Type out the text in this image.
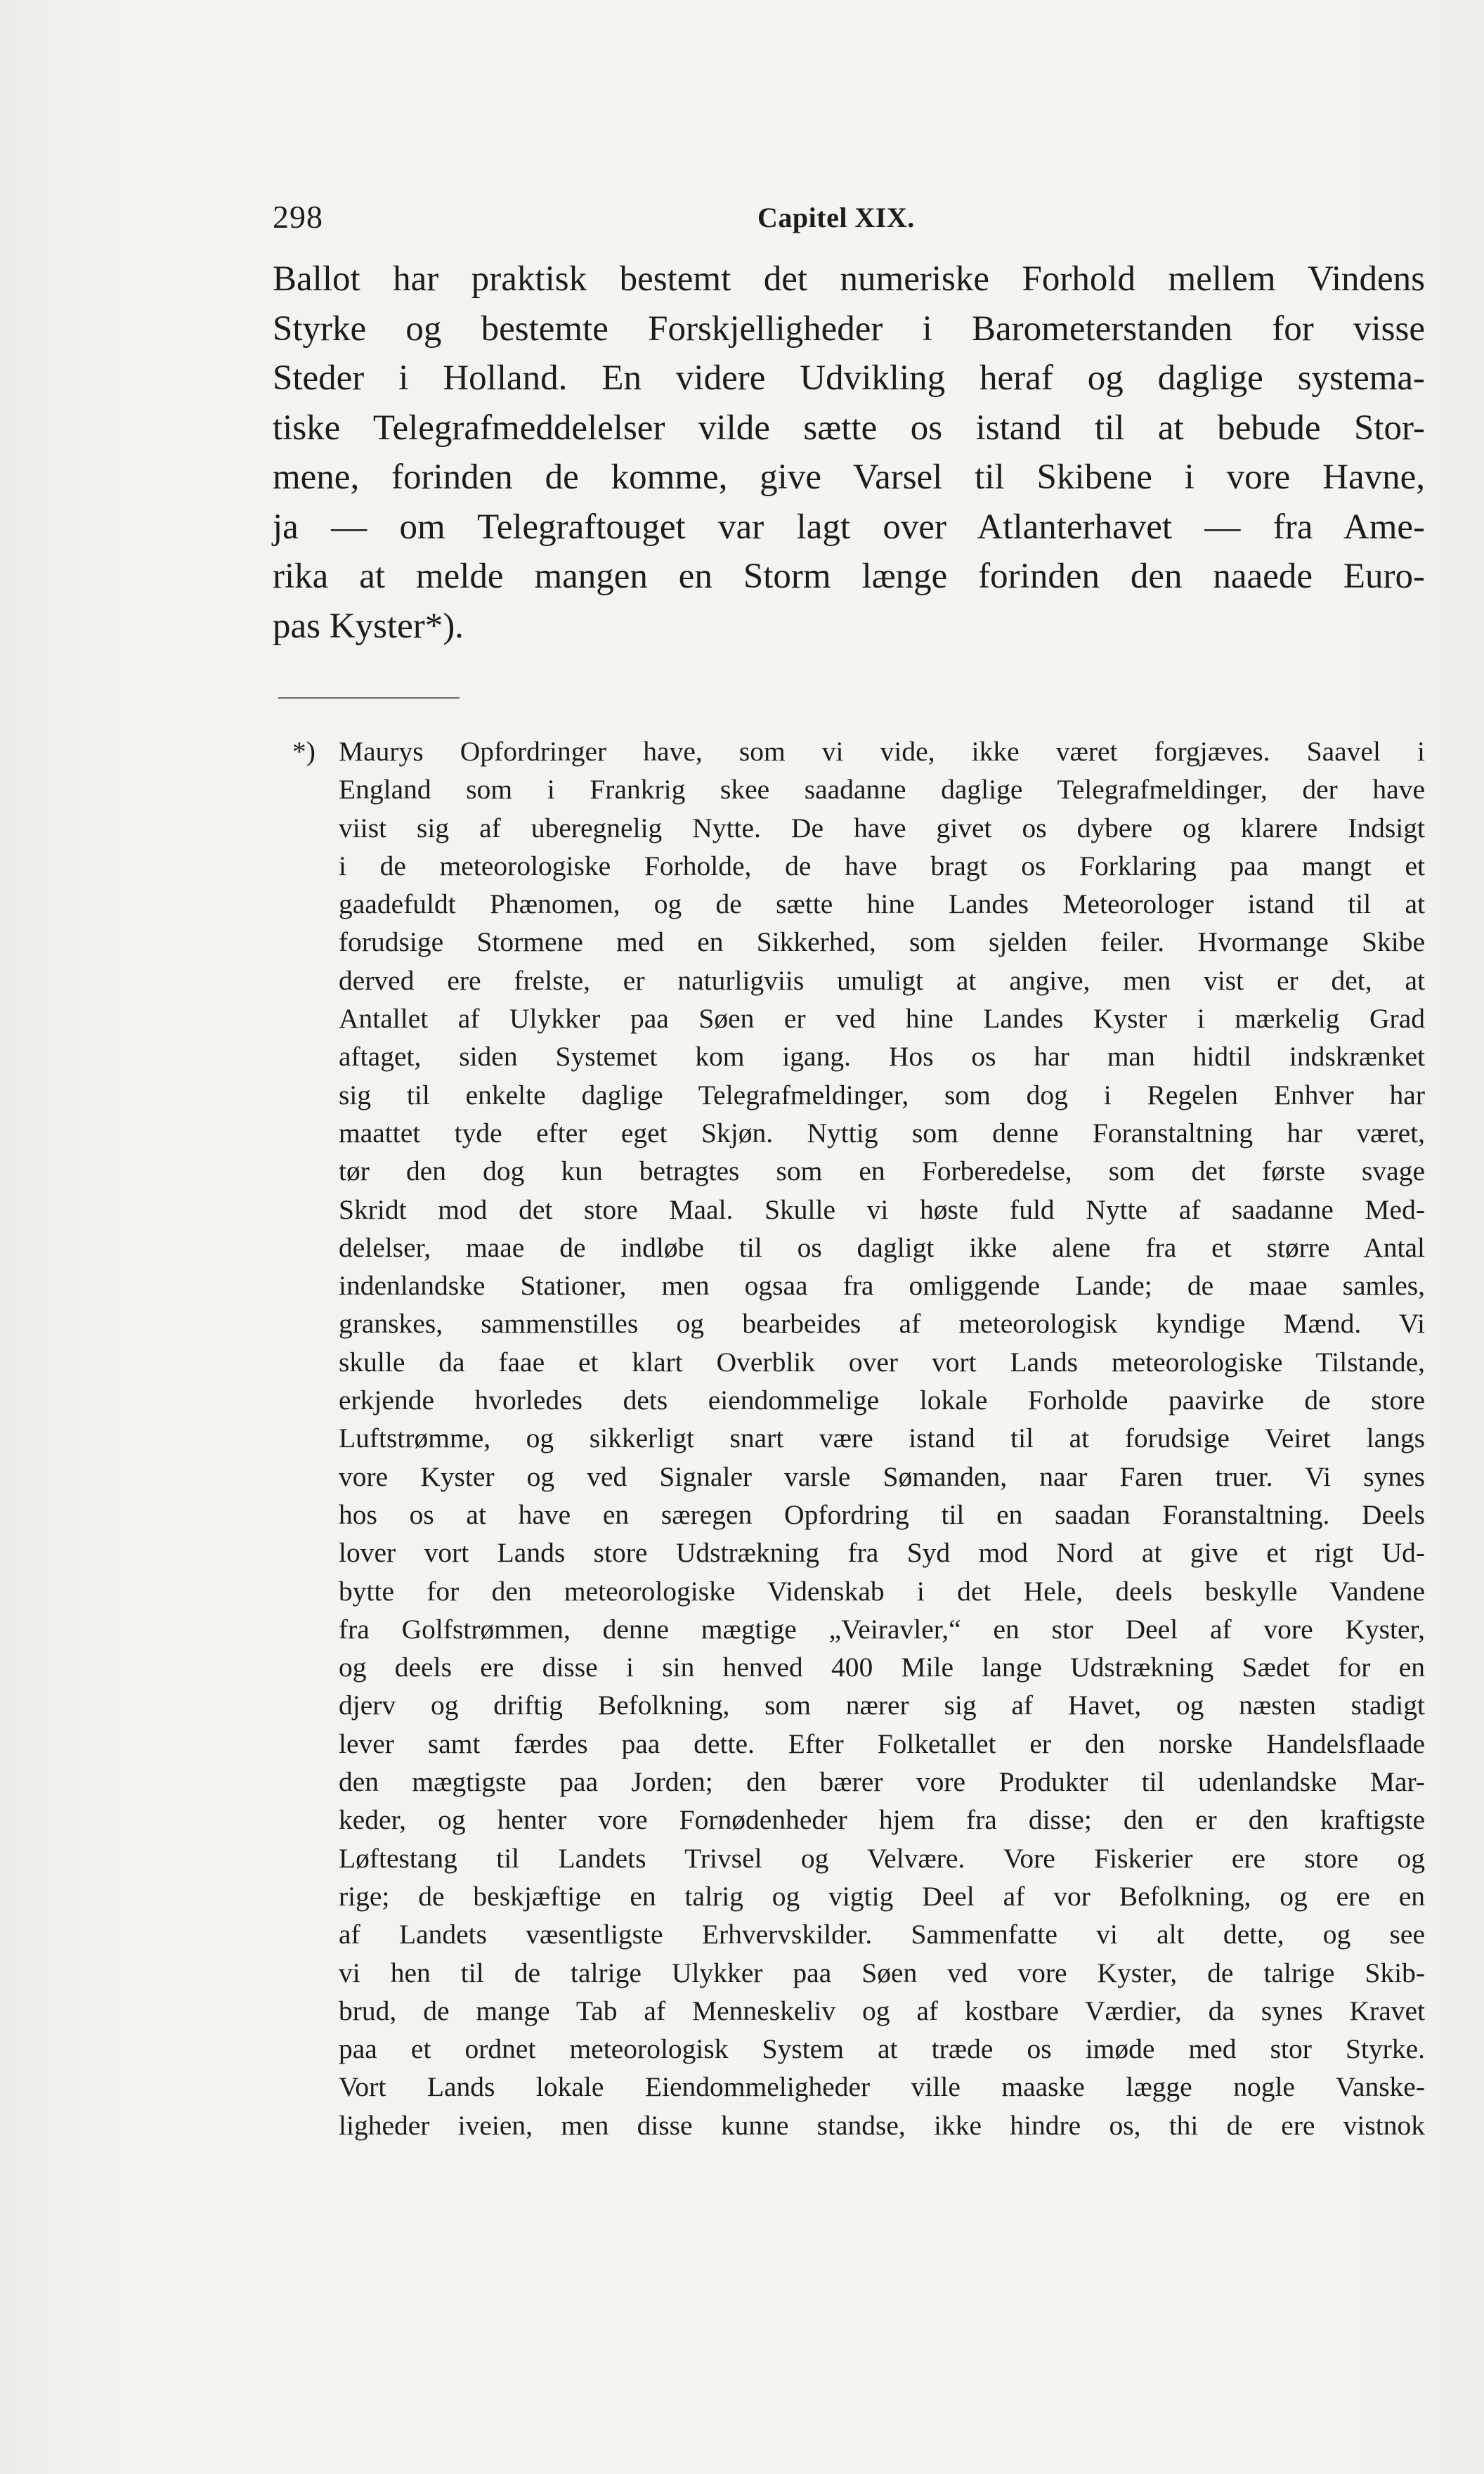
298	Capitel XIX.
Ballot har praktisk bestemt det numeriske Forhold mellem Vindens
Styrke og bestemte Forskjelligheder i Barometerstanden for visse
Steder i Holland. En videre Udvikling heraf og daglige systema-
tiske Telegrafmeddelelser vilde sætte os istand til at bebude Stor-
mene, forinden de komme, give Varsel til Skibene i vore Havne,
ja — om Telegraftouget var lagt over Atlanterhavet — fra Ame-
rika at melde mangen en Storm længe forinden den naaede Euro-
pas Kyster*).
*) Maurys Opfordringer have, som vi vide, ikke været forgjæves. Saavel i
England som i Frankrig skee saadanne daglige Telegrafmeldinger, der have
viist sig af uberegnelig Nytte. De have givet os dybere og klarere Indsigt
i de meteorologiske Forholde, de have bragt os Forklaring paa mangt et
gaadefuldt Phænomen, og de sætte hine Landes Meteorologer istand til at
forudsige Stormene med en Sikkerhed, som sjelden feiler. Hvormange Skibe
derved ere frelste, er naturligviis umuligt at angive, men vist er det, at
Antallet af Ulykker paa Søen er ved hine Landes Kyster i mærkelig Grad
aftaget, siden Systemet kom igang. Hos os har man hidtil indskrænket
sig til enkelte daglige Telegrafmeldinger, som dog i Regelen Enhver har
maattet tyde efter eget Skjøn. Nyttig som denne Foranstaltning har været,
tør den dog kun betragtes som en Forberedelse, som det første svage
Skridt mod det store Maal. Skulle vi høste fuld Nytte af saadanne Med-
delelser, maae de indløbe til os dagligt ikke alene fra et større Antal
indenlandske Stationer, men ogsaa fra omliggende Lande; de maae samles,
granskes, sammenstilles og bearbeides af meteorologisk kyndige Mænd. Vi
skulle da faae et klart Overblik over vort Lands meteorologiske Tilstande,
erkjende hvorledes dets eiendommelige lokale Forholde paavirke de store
Luftstrømme, og sikkerligt snart være istand til at forudsige Veiret langs
vore Kyster og ved Signaler varsle Sømanden, naar Faren truer. Vi synes
hos os at have en særegen Opfordring til en saadan Foranstaltning. Deels
lover vort Lands store Udstrækning fra Syd mod Nord at give et rigt Ud-
bytte for den meteorologiske Videnskab i det Hele, deels beskylle Vandene
fra Golfstrømmen, denne mægtige „Veiravler,“ en stor Deel af vore Kyster,
og deels ere disse i sin henved 400 Mile lange Udstrækning Sædet for en
djerv og driftig Befolkning, som nærer sig af Havet, og næsten stadigt
lever samt færdes paa dette. Efter Folketallet er den norske Handelsflaade
den mægtigste paa Jorden; den bærer vore Produkter til udenlandske Mar-
keder, og henter vore Fornødenheder hjem fra disse; den er den kraftigste
Løftestang til Landets Trivsel og Velvære. Vore Fiskerier ere store og
rige; de beskjæftige en talrig og vigtig Deel af vor Befolkning, og ere en
af Landets væsentligste Erhvervskilder. Sammenfatte vi alt dette, og see
vi hen til de talrige Ulykker paa Søen ved vore Kyster, de talrige Skib-
brud, de mange Tab af Menneskeliv og af kostbare Værdier, da synes Kravet
paa et ordnet meteorologisk System at træde os imøde med stor Styrke.
Vort Lands lokale Eiendommeligheder ville maaske lægge nogle Vanske-
ligheder iveien, men disse kunne standse, ikke hindre os, thi de ere vistnok
